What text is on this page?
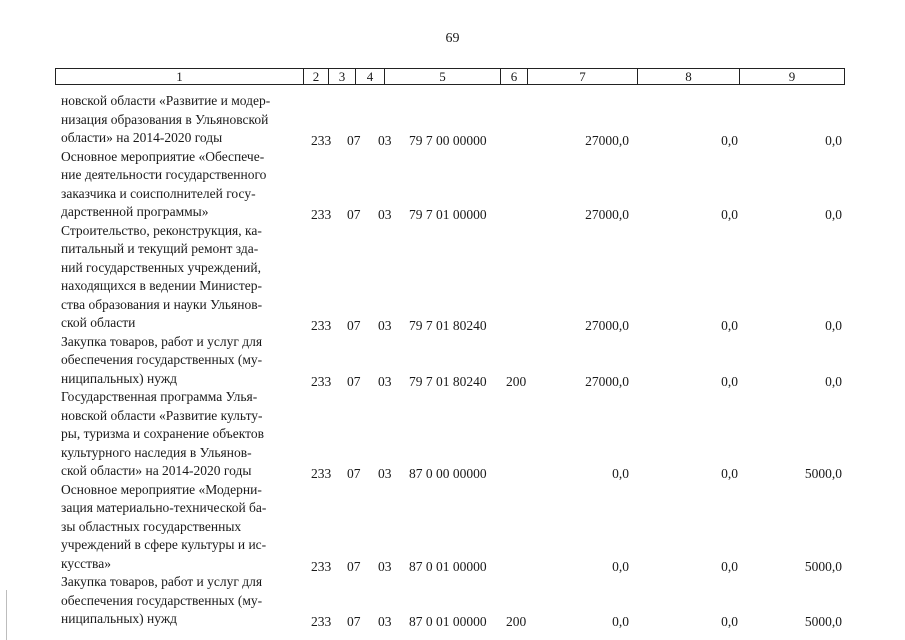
69
1	2	3	4	5	6	7	8	9
новской области «Развитие и модер-
низация образования в Ульяновской
области» на 2014-2020 годы	233 07 03 79 7 00 00000	27000,0	0,0	0,0
Основное мероприятие «Обеспече-
ние деятельности государственного
заказчика и соисполнителей госу-
дарственной программы»	233 07 03 79 7 01 00000	27000,0	0,0	0,0
Строительство, реконструкция, ка-
питальный и текущий ремонт зда-
ний государственных учреждений,
находящихся в ведении Министер-
ства образования и науки Ульянов-
ской области	233 07 03 79 7 01 80240	27000,0	0,0	0,0
Закупка товаров, работ и услуг для
обеспечения государственных (му-
ниципальных) нужд	233 07 03 79 7 01 80240 200	27000,0	0,0	0,0
Государственная программа Улья-
новской области «Развитие культу-
ры, туризма и сохранение объектов
культурного наследия в Ульянов-
ской области» на 2014-2020 годы	233 07 03 87 0 00 00000	0,0	0,0	5000,0
Основное мероприятие «Модерни-
зация материально-технической ба-
зы областных государственных
учреждений в сфере культуры и ис-
кусства»	233 07 03 87 0 01 00000	0,0	0,0	5000,0
Закупка товаров, работ и услуг для
обеспечения государственных (му-
ниципальных) нужд	233 07 03 87 0 01 00000 200	0,0	0,0	5000,0
